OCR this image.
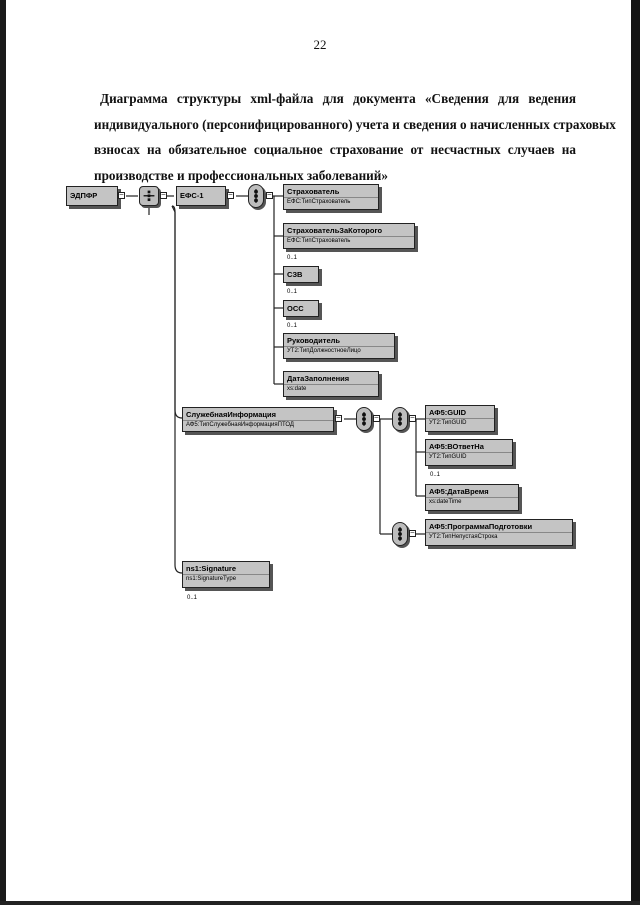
22
Диаграмма структуры xml-файла для документа «Сведения для ведения
индивидуального (персонифицированного) учета и сведения о начисленных страховых
взносах на обязательное социальное страхование от несчастных случаев на
производстве и профессиональных заболеваний»
ЭДПФР	–	–	ЕФС-1	–	–	Страхователь
ЕФС:ТипСтрахователь
СтраховательЗаКоторого
ЕФС:ТипСтрахователь
0..1
СЗВ
0..1
ОСС
0..1
Руководитель
УТ2:ТипДолжностноеЛицо
ДатаЗаполнения
xs:date
СлужебнаяИнформация
АФ5:ТипСлужебнаяИнформацияПТОД
–	–	–
АФ5:GUID
УТ2:ТипGUID
АФ5:ВОтветНа
УТ2:ТипGUID
0..1
АФ5:ДатаВремя
xs:dateTime
–
АФ5:ПрограммаПодготовки
УТ2:ТипНепустаяСтрока
ns1:Signature
ns1:SignatureType
0..1
